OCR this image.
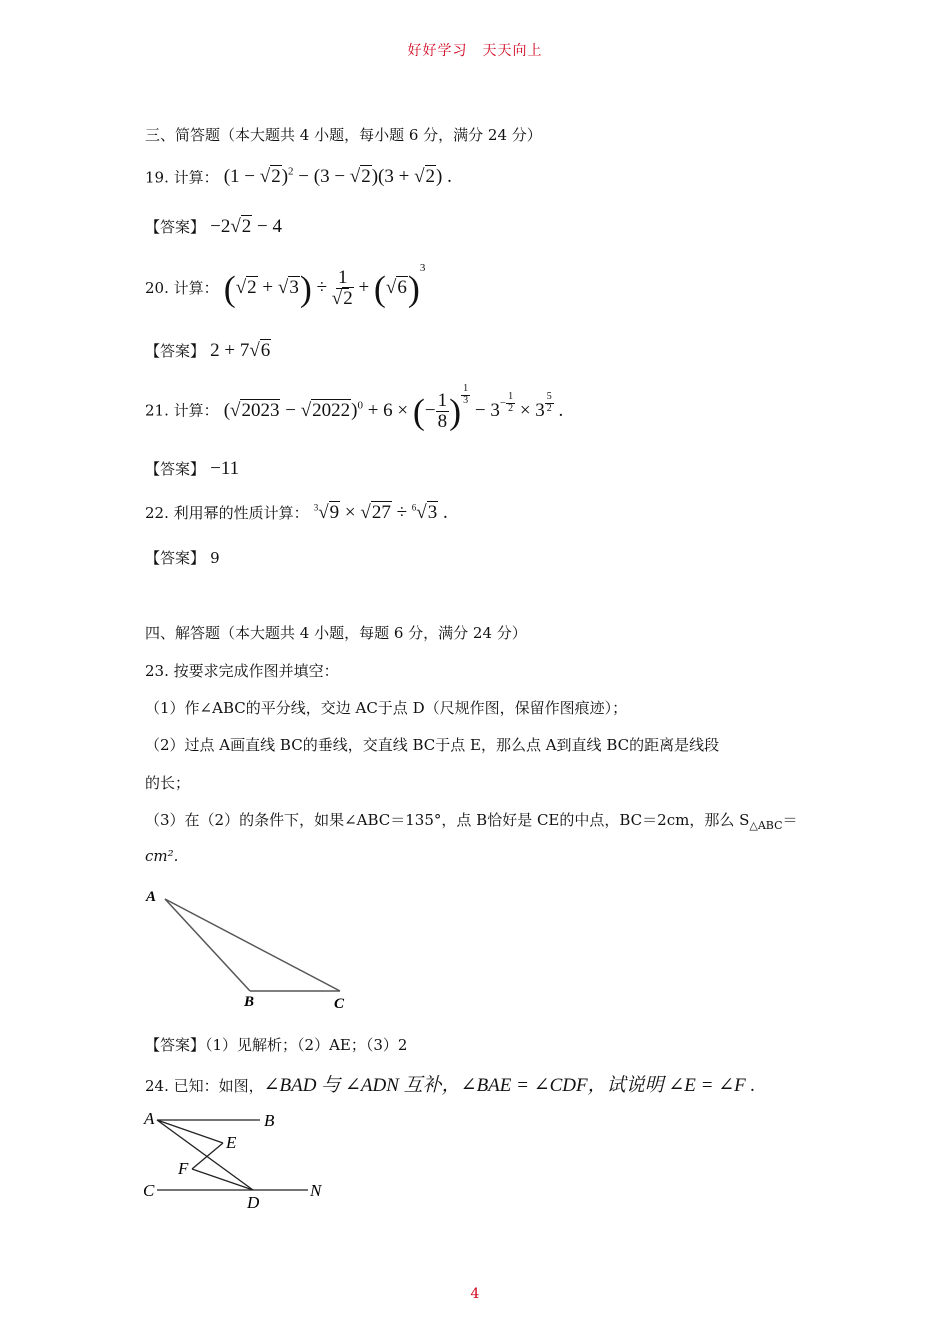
好好学习　天天向上
三、简答题（本大题共 4 小题，每小题 6 分，满分 24 分）
19. 计算： $(1 - √2)^2 - (3 - √2)(3 + √2)$ .
【答案】 −2√2 − 4
20. 计算： $(√2 + √3) \div \frac{1}{√2} + (√6)^3$
【答案】 2 + 7√6
21. 计算： $(√2023 - √2022)^0 + 6$ × (− $\frac{1}{8}$ ) $^{\frac{1}{3}}$
− $3^{- \frac{1}{2}} \times 3$ $^{\frac{5}{2}}$ .
【答案】 −11
22. 利用幂的性质计算： $^3$√9 × √27 ÷ $^6$√3 .
【答案】 9
四、解答题（本大题共 4 小题，每题 6 分，满分 24 分）
23. 按要求完成作图并填空：
（1）作∠ABC的平分线，交边 AC于点 D（尺规作图，保留作图痕迹）；
（2）过点 A画直线 BC的垂线，交直线 BC于点 E，那么点 A到直线 BC的距离是线段
的长；
（3）在（2）的条件下，如果∠ABC＝135°，点 B恰好是 CE的中点，BC＝2cm，那么 $S_{\triangle ABC}=$
cm².
A
B	C
【答案】（1）见解析；（2）AE；（3）2
24. 已知：如图，∠BAD 与 ∠ADN 互补，∠BAE = ∠CDF，试说明 ∠E = ∠F .
A	B
E
F
C
D
N
4
